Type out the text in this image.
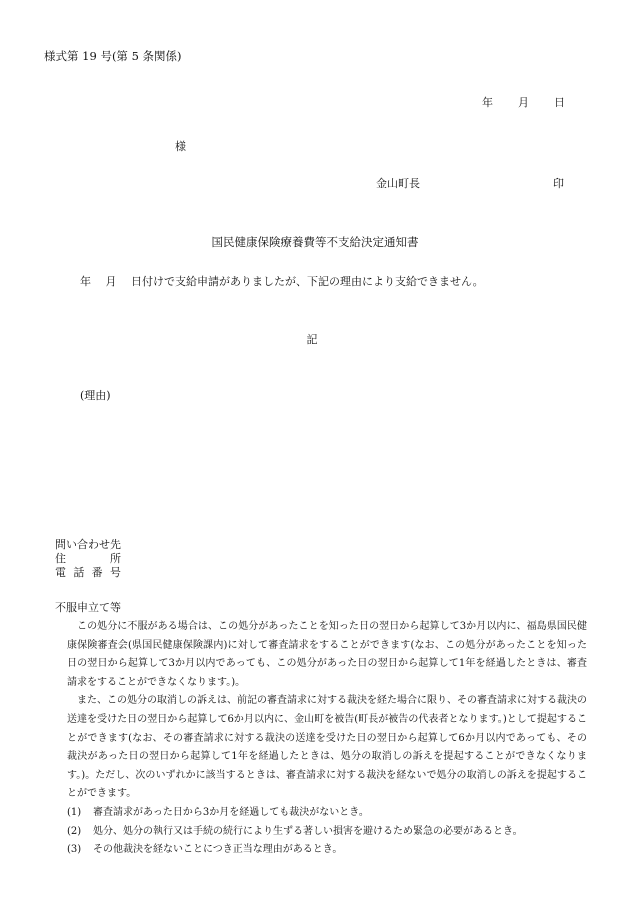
様式第 19 号(第 5 条関係)
年 月 日
様
金山町長	印
国民健康保険療養費等不支給決定通知書
年　 月　 日付けで支給申請がありましたが、下記の理由により支給できません。
記
(理由)
問い合わせ先
住	所
電 話 番 号
不服申立て等

この処分に不服がある場合は、この処分があったことを知った日の翌日から起算して3か月以内に、福島県国民健康保険審査会(県国民健康保険課内)に対して審査請求をすることができます(なお、この処分があったことを知った日の翌日から起算して3か月以内であっても、この処分があった日の翌日から起算して1年を経過したときは、審査請求をすることができなくなります。)。

また、この処分の取消しの訴えは、前記の審査請求に対する裁決を経た場合に限り、その審査請求に対する裁決の送達を受けた日の翌日から起算して6か月以内に、金山町を被告(町長が被告の代表者となります。)として提起することができます(なお、その審査請求に対する裁決の送達を受けた日の翌日から起算して6か月以内であっても、その裁決があった日の翌日から起算して1年を経過したときは、処分の取消しの訴えを提起することができなくなります。)。ただし、次のいずれかに該当するときは、審査請求に対する裁決を経ないで処分の取消しの訴えを提起することができます。

(1)	審査請求があった日から3か月を経過しても裁決がないとき。
(2)	処分、処分の執行又は手続の続行により生ずる著しい損害を避けるため緊急の必要があるとき。
(3)	その他裁決を経ないことにつき正当な理由があるとき。
